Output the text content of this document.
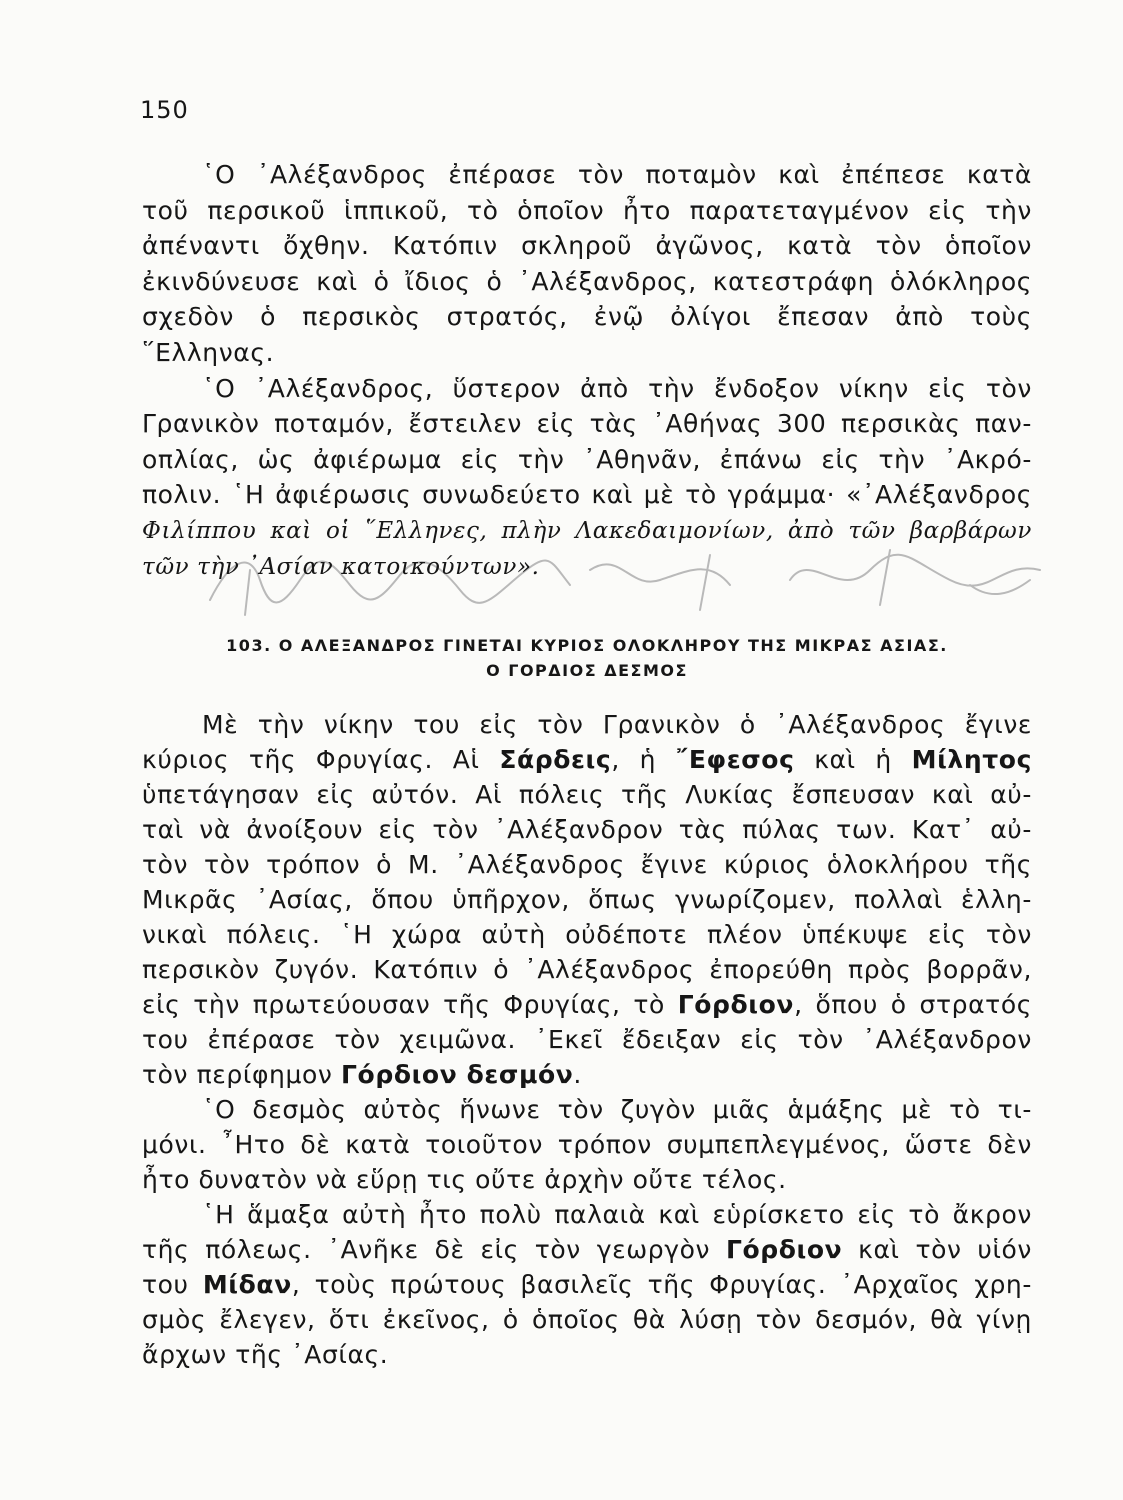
150
῾Ο ᾽Αλέξανδρος ἐπέρασε τὸν ποταμὸν καὶ ἐπέπεσε κατὰ
τοῦ περσικοῦ ἱππικοῦ, τὸ ὁποῖον ἦτο παρατεταγμένον εἰς τὴν
ἀπέναντι ὄχθην. Κατόπιν σκληροῦ ἀγῶνος, κατὰ τὸν ὁποῖον
ἐκινδύνευσε καὶ ὁ ἴδιος ὁ ᾽Αλέξανδρος, κατεστράφη ὁλόκληρος
σχεδὸν ὁ περσικὸς στρατός, ἐνῷ ὀλίγοι ἔπεσαν ἀπὸ τοὺς
῞Ελληνας.
῾Ο ᾽Αλέξανδρος, ὕστερον ἀπὸ τὴν ἔνδοξον νίκην εἰς τὸν
Γρανικὸν ποταμόν, ἔστειλεν εἰς τὰς ᾽Αθήνας 300 περσικὰς παν-
οπλίας, ὡς ἀφιέρωμα εἰς τὴν ᾽Αθηνᾶν, ἐπάνω εἰς τὴν ᾽Ακρό-
πολιν. ῾Η ἀφιέρωσις συνωδεύετο καὶ μὲ τὸ γράμμα· «᾽Αλέξανδρος
Φιλίππου καὶ οἱ ῞Ελληνες, πλὴν Λακεδαιμονίων, ἀπὸ τῶν βαρβάρων
τῶν τὴν ᾽Ασίαν κατοικούντων».
103. Ο ΑΛΕΞΑΝΔΡΟΣ ΓΙΝΕΤΑΙ ΚΥΡΙΟΣ ΟΛΟΚΛΗΡΟΥ ΤΗΣ ΜΙΚΡΑΣ ΑΣΙΑΣ.
Ο ΓΟΡΔΙΟΣ ΔΕΣΜΟΣ
Μὲ τὴν νίκην του εἰς τὸν Γρανικὸν ὁ ᾽Αλέξανδρος ἔγινε
κύριος τῆς Φρυγίας. Αἱ Σάρδεις, ἡ ῎Εφεσος καὶ ἡ Μίλητος
ὑπετάγησαν εἰς αὐτόν. Αἱ πόλεις τῆς Λυκίας ἔσπευσαν καὶ αὐ-
ταὶ νὰ ἀνοίξουν εἰς τὸν ᾽Αλέξανδρον τὰς πύλας των. Κατ᾽ αὐ-
τὸν τὸν τρόπον ὁ Μ. ᾽Αλέξανδρος ἔγινε κύριος ὁλοκλήρου τῆς
Μικρᾶς ᾽Ασίας, ὅπου ὑπῆρχον, ὅπως γνωρίζομεν, πολλαὶ ἑλλη-
νικαὶ πόλεις. ῾Η χώρα αὐτὴ οὐδέποτε πλέον ὑπέκυψε εἰς τὸν
περσικὸν ζυγόν. Κατόπιν ὁ ᾽Αλέξανδρος ἐπορεύθη πρὸς βορρᾶν,
εἰς τὴν πρωτεύουσαν τῆς Φρυγίας, τὸ Γόρδιον, ὅπου ὁ στρατός
του ἐπέρασε τὸν χειμῶνα. ᾽Εκεῖ ἔδειξαν εἰς τὸν ᾽Αλέξανδρον
τὸν περίφημον Γόρδιον δεσμόν.
῾Ο δεσμὸς αὐτὸς ἥνωνε τὸν ζυγὸν μιᾶς ἁμάξης μὲ τὸ τι-
μόνι. ῏Ητο δὲ κατὰ τοιοῦτον τρόπον συμπεπλεγμένος, ὥστε δὲν
ἦτο δυνατὸν νὰ εὕρῃ τις οὔτε ἀρχὴν οὔτε τέλος.
῾Η ἅμαξα αὐτὴ ἦτο πολὺ παλαιὰ καὶ εὑρίσκετο εἰς τὸ ἄκρον
τῆς πόλεως. ᾽Ανῆκε δὲ εἰς τὸν γεωργὸν Γόρδιον καὶ τὸν υἱόν
του Μίδαν, τοὺς πρώτους βασιλεῖς τῆς Φρυγίας. ᾽Αρχαῖος χρη-
σμὸς ἔλεγεν, ὅτι ἐκεῖνος, ὁ ὁποῖος θὰ λύσῃ τὸν δεσμόν, θὰ γίνῃ
ἄρχων τῆς ᾽Ασίας.
